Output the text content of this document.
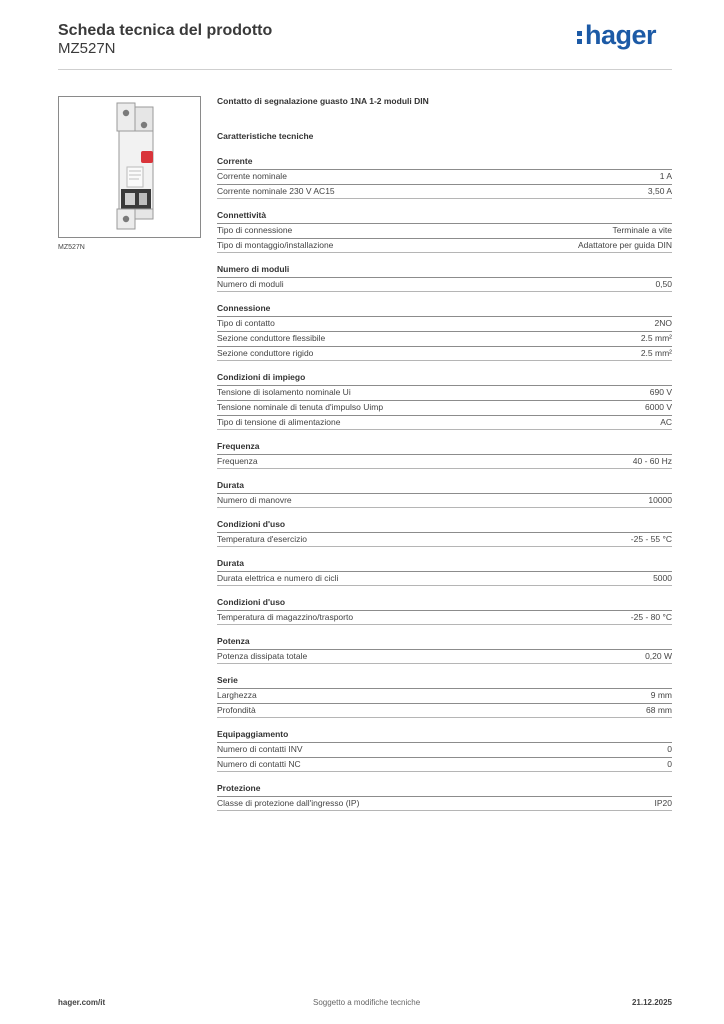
Scheda tecnica del prodotto
MZ527N	hager
MZ527N
Contatto di segnalazione guasto 1NA 1-2 moduli DIN
Caratteristiche tecniche
Corrente
Corrente nominale	1 A
Corrente nominale 230 V AC15	3,50 A
Connettività
Tipo di connessione	Terminale a vite
Tipo di montaggio/installazione	Adattatore per guida DIN
Numero di moduli
Numero di moduli	0,50
Connessione
Tipo di contatto	2NO
Sezione conduttore flessibile	2.5 mm²
Sezione conduttore rigido	2.5 mm²
Condizioni di impiego
Tensione di isolamento nominale Ui	690 V
Tensione nominale di tenuta d'impulso Uimp	6000 V
Tipo di tensione di alimentazione	AC
Frequenza
Frequenza	40 - 60 Hz
Durata
Numero di manovre	10000
Condizioni d'uso
Temperatura d'esercizio	-25 - 55 °C
Durata
Durata elettrica e numero di cicli	5000
Condizioni d'uso
Temperatura di magazzino/trasporto	-25 - 80 °C
Potenza
Potenza dissipata totale	0,20 W
Serie
Larghezza	9 mm
Profondità	68 mm
Equipaggiamento
Numero di contatti INV	0
Numero di contatti NC	0
Protezione
Classe di protezione dall'ingresso (IP)	IP20
hager.com/it	Soggetto a modifiche tecniche	21.12.2025
